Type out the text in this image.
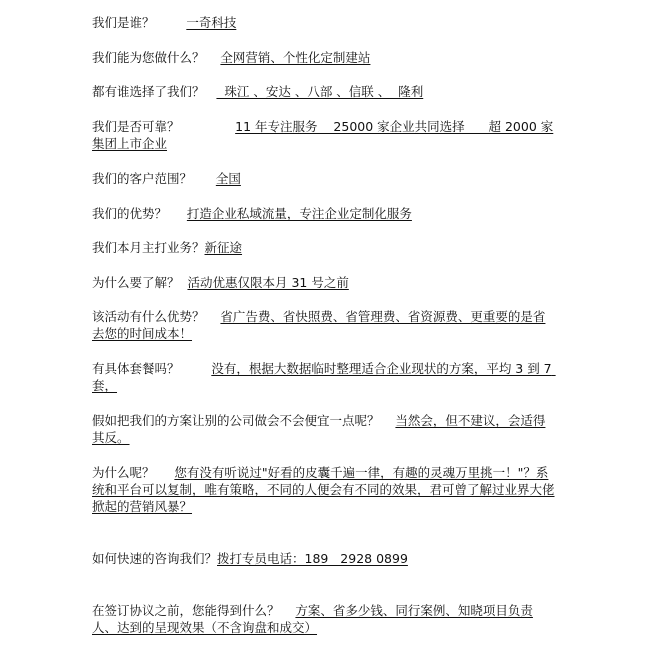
我们是谁？	一奇科技

我们能为您做什么？ 全网营销、个性化定制建站

都有谁选择了我们？     珠江 、安达 、八部 、信联 、  隆利

我们是否可靠？	11 年专注服务    25000 家企业共同选择      超 2000 家集团上市企业

我们的客户范围？ 全国

我们的优势？ 打造企业私域流量，专注企业定制化服务

我们本月主打业务？新征途

为什么要了解？ 活动优惠仅限本月 31 号之前

该活动有什么优势？ 省广告费、省快照费、省管理费、省资源费、更重要的是省去您的时间成本！

有具体套餐吗？	没有，根据大数据临时整理适合企业现状的方案，平均 3 到 7 套，

假如把我们的方案让别的公司做会不会便宜一点呢？ 当然会，但不建议，会适得其反。

为什么呢？ 您有没有听说过"好看的皮囊千遍一律，有趣的灵魂万里挑一！"？系统和平台可以复制，唯有策略，不同的人便会有不同的效果，君可曾了解过业界大佬掀起的营销风暴？

如何快速的咨询我们？拨打专员电话：189   2928 0899

在签订协议之前，您能得到什么？ 方案、省多少钱、同行案例、知晓项目负责人、达到的呈现效果（不含询盘和成交）
